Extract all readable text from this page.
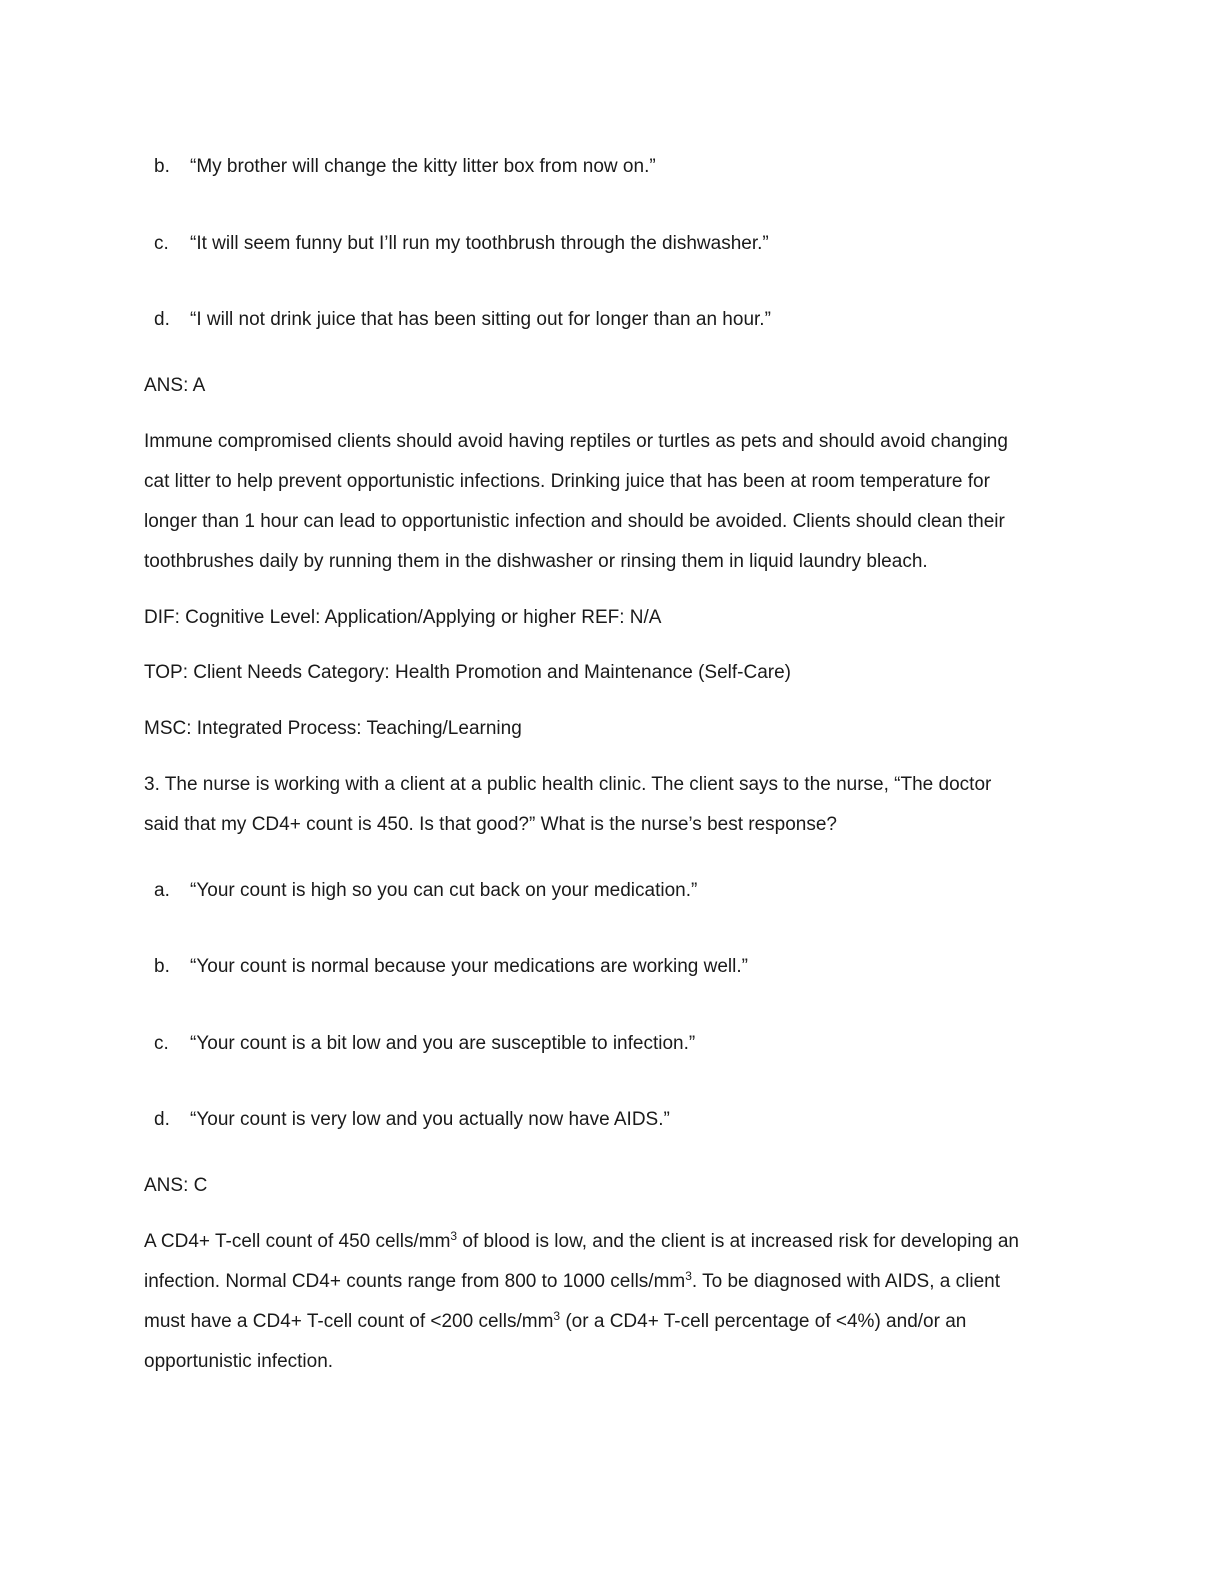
b. “My brother will change the kitty litter box from now on.”
c. “It will seem funny but I’ll run my toothbrush through the dishwasher.”
d. “I will not drink juice that has been sitting out for longer than an hour.”
ANS: A
Immune compromised clients should avoid having reptiles or turtles as pets and should avoid changing
cat litter to help prevent opportunistic infections. Drinking juice that has been at room temperature for
longer than 1 hour can lead to opportunistic infection and should be avoided. Clients should clean their
toothbrushes daily by running them in the dishwasher or rinsing them in liquid laundry bleach.
DIF: Cognitive Level: Application/Applying or higher REF: N/A
TOP: Client Needs Category: Health Promotion and Maintenance (Self-Care)
MSC: Integrated Process: Teaching/Learning
3. The nurse is working with a client at a public health clinic. The client says to the nurse, “The doctor
said that my CD4+ count is 450. Is that good?” What is the nurse’s best response?
a. “Your count is high so you can cut back on your medication.”
b. “Your count is normal because your medications are working well.”
c. “Your count is a bit low and you are susceptible to infection.”
d. “Your count is very low and you actually now have AIDS.”
ANS: C
A CD4+ T-cell count of 450 cells/$mm^3$ of blood is low, and the client is at increased risk for developing an
infection. Normal CD4+ counts range from 800 to 1000 cells/$mm^3$. To be diagnosed with AIDS, a client
must have a CD4+ T-cell count of <200 cells/$mm^3$ (or a CD4+ T-cell percentage of <4%) and/or an
opportunistic infection.
